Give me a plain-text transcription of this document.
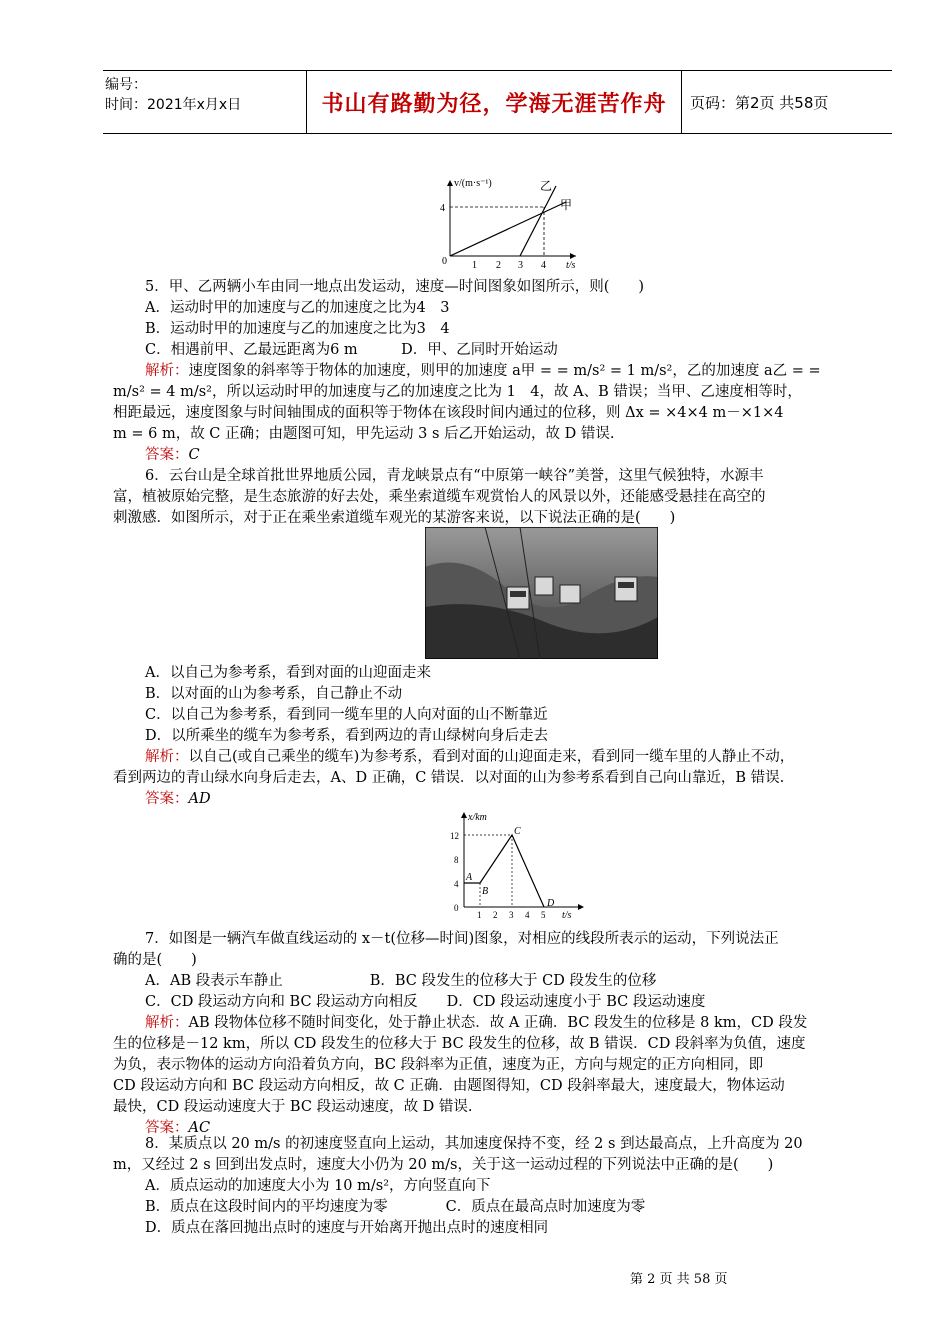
编号：
时间：2021年x月x日	书山有路勤为径，学海无涯苦作舟	页码：第2页 共58页
v/(m·s⁻¹)	乙
甲
4
0	1 2 3 4 t/s
5．甲、乙两辆小车由同一地点出发运动，速度—时间图象如图所示，则(　　)
A．运动时甲的加速度与乙的加速度之比为4　3
B．运动时甲的加速度与乙的加速度之比为3　4
C．相遇前甲、乙最远距离为6 m　　　D．甲、乙同时开始运动
解析：速度图象的斜率等于物体的加速度，则甲的加速度 a甲 = = m/s² = 1 m/s²，乙的加速度 a乙 = =
m/s² = 4 m/s²，所以运动时甲的加速度与乙的加速度之比为 1　4，故 A、B 错误；当甲、乙速度相等时，
相距最远，速度图象与时间轴围成的面积等于物体在该段时间内通过的位移，则 Δx = ×4×4 m－×1×4
m = 6 m，故 C 正确；由题图可知，甲先运动 3 s 后乙开始运动，故 D 错误.
答案：C
6．云台山是全球首批世界地质公园，青龙峡景点有“中原第一峡谷”美誉，这里气候独特，水源丰
富，植被原始完整，是生态旅游的好去处，乘坐索道缆车观赏怡人的风景以外，还能感受悬挂在高空的
刺激感．如图所示，对于正在乘坐索道缆车观光的某游客来说，以下说法正确的是(　　)
A．以自己为参考系，看到对面的山迎面走来
B．以对面的山为参考系，自己静止不动
C．以自己为参考系，看到同一缆车里的人向对面的山不断靠近
D．以所乘坐的缆车为参考系，看到两边的青山绿树向身后走去
解析：以自己(或自己乘坐的缆车)为参考系，看到对面的山迎面走来，看到同一缆车里的人静止不动，
看到两边的青山绿水向身后走去，A、D 正确，C 错误．以对面的山为参考系看到自己向山靠近，B 错误.
答案：AD
x/km
12
8
4
0
1 2 3 4 5 t/s
A
B
C
D
7．如图是一辆汽车做直线运动的 x－t(位移—时间)图象，对相应的线段所表示的运动，下列说法正
确的是(　　)
A．AB 段表示车静止　　　　　　B．BC 段发生的位移大于 CD 段发生的位移
C．CD 段运动方向和 BC 段运动方向相反　　D．CD 段运动速度小于 BC 段运动速度
解析：AB 段物体位移不随时间变化，处于静止状态．故 A 正确．BC 段发生的位移是 8 km，CD 段发
生的位移是－12 km，所以 CD 段发生的位移大于 BC 段发生的位移，故 B 错误．CD 段斜率为负值，速度
为负，表示物体的运动方向沿着负方向，BC 段斜率为正值，速度为正，方向与规定的正方向相同，即
CD 段运动方向和 BC 段运动方向相反，故 C 正确．由题图得知，CD 段斜率最大，速度最大，物体运动
最快，CD 段运动速度大于 BC 段运动速度，故 D 错误.
答案：AC
8．某质点以 20 m/s 的初速度竖直向上运动，其加速度保持不变，经 2 s 到达最高点，上升高度为 20
m，又经过 2 s 回到出发点时，速度大小仍为 20 m/s，关于这一运动过程的下列说法中正确的是(　　)
A．质点运动的加速度大小为 10 m/s²，方向竖直向下
B．质点在这段时间内的平均速度为零　　　　C．质点在最高点时加速度为零
D．质点在落回抛出点时的速度与开始离开抛出点时的速度相同
第 2 页 共 58 页
